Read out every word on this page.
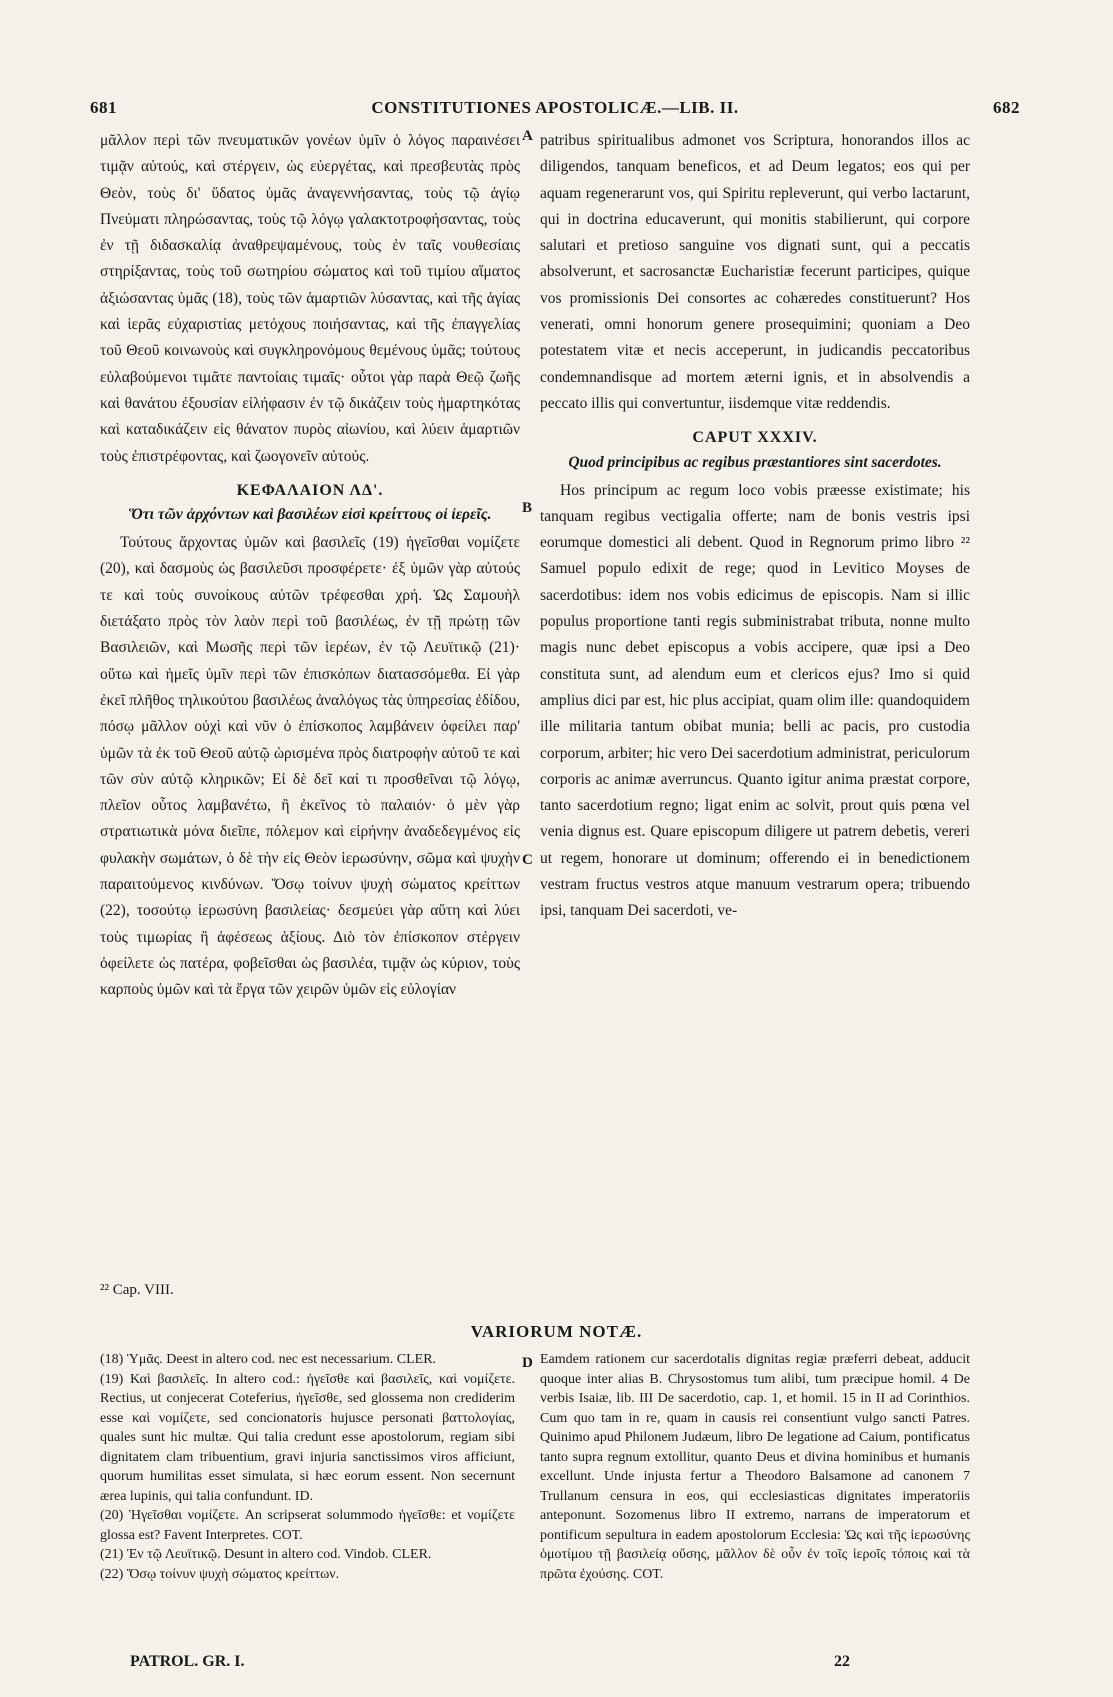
681	CONSTITUTIONES APOSTOLICÆ.—LIB. II.	682

μᾶλλον περὶ τῶν πνευματικῶν γονέων ὑμῖν ὁ λόγος παραινέσει τιμᾷν αὐτούς, καὶ στέργειν, ὡς εὐεργέτας, καὶ πρεσβευτὰς πρὸς Θεὸν, τοὺς δι' ὕδατος ὑμᾶς ἀναγεννήσαντας, τοὺς τῷ ἁγίῳ Πνεύματι πληρώσαντας, τοὺς τῷ λόγῳ γαλακτοτροφήσαντας, τοὺς ἐν τῇ διδασκαλίᾳ ἀναθρεψαμένους, τοὺς ἐν ταῖς νουθεσίαις στηρίξαντας, τοὺς τοῦ σωτηρίου σώματος καὶ τοῦ τιμίου αἵματος ἀξιώσαντας ὑμᾶς (18), τοὺς τῶν ἁμαρτιῶν λύσαντας, καὶ τῆς ἁγίας καὶ ἱερᾶς εὐχαριστίας μετόχους ποιήσαντας, καὶ τῆς ἐπαγγελίας τοῦ Θεοῦ κοινωνοὺς καὶ συγκληρονόμους θεμένους ὑμᾶς; τούτους εὐλαβούμενοι τιμᾶτε παντοίαις τιμαῖς· οὗτοι γὰρ παρὰ Θεῷ ζωῆς καὶ θανάτου ἐξουσίαν εἰλήφασιν ἐν τῷ δικάζειν τοὺς ἡμαρτηκότας καὶ καταδικάζειν εἰς θάνατον πυρὸς αἰωνίου, καὶ λύειν ἁμαρτιῶν τοὺς ἐπιστρέφοντας, καὶ ζωογονεῖν αὐτούς.

ΚΕΦΑΛΑΙΟΝ ΛΔ'.
Ὅτι τῶν ἀρχόντων καὶ βασιλέων εἰσὶ κρείττους οἱ ἱερεῖς.

Τούτους ἄρχοντας ὑμῶν καὶ βασιλεῖς (19) ἡγεῖσθαι νομίζετε (20), καὶ δασμοὺς ὡς βασιλεῦσι προσφέρετε· ἐξ ὑμῶν γὰρ αὐτούς τε καὶ τοὺς συνοίκους αὐτῶν τρέφεσθαι χρή. Ὡς Σαμουὴλ διετάξατο πρὸς τὸν λαὸν περὶ τοῦ βασιλέως, ἐν τῇ πρώτῃ τῶν Βασιλειῶν, καὶ Μωσῆς περὶ τῶν ἱερέων, ἐν τῷ Λευϊτικῷ (21)· οὕτω καὶ ἡμεῖς ὑμῖν περὶ τῶν ἐπισκόπων διατασσόμεθα. Εἰ γὰρ ἐκεῖ πλῆθος τηλικούτου βασιλέως ἀναλόγως τὰς ὑπηρεσίας ἐδίδου, πόσῳ μᾶλλον οὐχὶ καὶ νῦν ὁ ἐπίσκοπος λαμβάνειν ὀφείλει παρ' ὑμῶν τὰ ἐκ τοῦ Θεοῦ αὐτῷ ὡρισμένα πρὸς διατροφὴν αὐτοῦ τε καὶ τῶν σὺν αὐτῷ κληρικῶν; Εἰ δὲ δεῖ καί τι προσθεῖναι τῷ λόγῳ, πλεῖον οὗτος λαμβανέτω, ἢ ἐκεῖνος τὸ παλαιόν· ὁ μὲν γὰρ στρατιωτικὰ μόνα διεῖπε, πόλεμον καὶ εἰρήνην ἀναδεδεγμένος εἰς φυλακὴν σωμάτων, ὁ δὲ τὴν εἰς Θεὸν ἱερωσύνην, σῶμα καὶ ψυχὴν παραιτούμενος κινδύνων. Ὅσῳ τοίνυν ψυχὴ σώματος κρείττων (22), τοσούτῳ ἱερωσύνη βασιλείας· δεσμεύει γὰρ αὕτη καὶ λύει τοὺς τιμωρίας ἢ ἀφέσεως ἀξίους. Διὸ τὸν ἐπίσκοπον στέργειν ὀφείλετε ὡς πατέρα, φοβεῖσθαι ὡς βασιλέα, τιμᾷν ὡς κύριον, τοὺς καρποὺς ὑμῶν καὶ τὰ ἔργα τῶν χειρῶν ὑμῶν εἰς εὐλογίαν

patribus spiritualibus admonet vos Scriptura, honorandos illos ac diligendos, tanquam beneficos, et ad Deum legatos; eos qui per aquam regenerarunt vos, qui Spiritu repleverunt, qui verbo lactarunt, qui in doctrina educaverunt, qui monitis stabilierunt, qui corpore salutari et pretioso sanguine vos dignati sunt, qui a peccatis absolverunt, et sacrosanctæ Eucharistiæ fecerunt participes, quique vos promissionis Dei consortes ac cohæredes constituerunt? Hos venerati, omni honorum genere prosequimini; quoniam a Deo potestatem vitæ et necis acceperunt, in judicandis peccatoribus condemnandisque ad mortem æterni ignis, et in absolvendis a peccato illis qui convertuntur, iisdemque vitæ reddendis.

CAPUT XXXIV.
Quod principibus ac regibus præstantiores sint sacerdotes.

Hos principum ac regum loco vobis præesse existimate; his tanquam regibus vectigalia offerte; nam de bonis vestris ipsi eorumque domestici ali debent. Quod in Regnorum primo libro ²² Samuel populo edixit de rege; quod in Levitico Moyses de sacerdotibus: idem nos vobis edicimus de episcopis. Nam si illic populus proportione tanti regis subministrabat tributa, nonne multo magis nunc debet episcopus a vobis accipere, quæ ipsi a Deo constituta sunt, ad alendum eum et clericos ejus? Imo si quid amplius dici par est, hic plus accipiat, quam olim ille: quandoquidem ille militaria tantum obibat munia; belli ac pacis, pro custodia corporum, arbiter; hic vero Dei sacerdotium administrat, periculorum corporis ac animæ averruncus. Quanto igitur anima præstat corpore, tanto sacerdotium regno; ligat enim ac solvit, prout quis pœna vel venia dignus est. Quare episcopum diligere ut patrem debetis, vereri ut regem, honorare ut dominum; offerendo ei in benedictionem vestram fructus vestros atque manuum vestrarum opera; tribuendo ipsi, tanquam Dei sacerdoti, ve-

A
B
C
D
²² Cap. VIII.
VARIORUM NOTÆ.

(18) Ὑμᾶς. Deest in altero cod. nec est necessarium. CLER.

(19) Καὶ βασιλεῖς. In altero cod.: ἡγεῖσθε καὶ βασιλεῖς, καὶ νομίζετε. Rectius, ut conjecerat Coteferius, ἡγεῖσθε, sed glossema non crediderim esse καὶ νομίζετε, sed concionatoris hujusce personati βαττολογίας, quales sunt hic multæ. Qui talia credunt esse apostolorum, regiam sibi dignitatem clam tribuentium, gravi injuria sanctissimos viros afficiunt, quorum humilitas esset simulata, si hæc eorum essent. Non secernunt ærea lupinis, qui talia confundunt. ID.

(20) Ἡγεῖσθαι νομίζετε. An scripserat solummodo ἡγεῖσθε: et νομίζετε glossa est? Favent Interpretes. COT.

(21) Ἐν τῷ Λευϊτικῷ. Desunt in altero cod. Vindob. CLER.

(22) Ὅσῳ τοίνυν ψυχὴ σώματος κρείττων.

Eamdem rationem cur sacerdotalis dignitas regiæ præferri debeat, adducit quoque inter alias B. Chrysostomus tum alibi, tum præcipue homil. 4 De verbis Isaiæ, lib. III De sacerdotio, cap. 1, et homil. 15 in II ad Corinthios. Cum quo tam in re, quam in causis rei consentiunt vulgo sancti Patres. Quinimo apud Philonem Judæum, libro De legatione ad Caium, pontificatus tanto supra regnum extollitur, quanto Deus et divina hominibus et humanis excellunt. Unde injusta fertur a Theodoro Balsamone ad canonem 7 Trullanum censura in eos, qui ecclesiasticas dignitates imperatoriis anteponunt. Sozomenus libro II extremo, narrans de imperatorum et pontificum sepultura in eadem apostolorum Ecclesia: Ὡς καὶ τῆς ἱερωσύνης ὁμοτίμου τῇ βασιλείᾳ οὔσης, μᾶλλον δὲ οὖν ἐν τοῖς ἱεροῖς τόποις καὶ τὰ πρῶτα ἐχούσης. COT.

PATROL. GR. I.	22
